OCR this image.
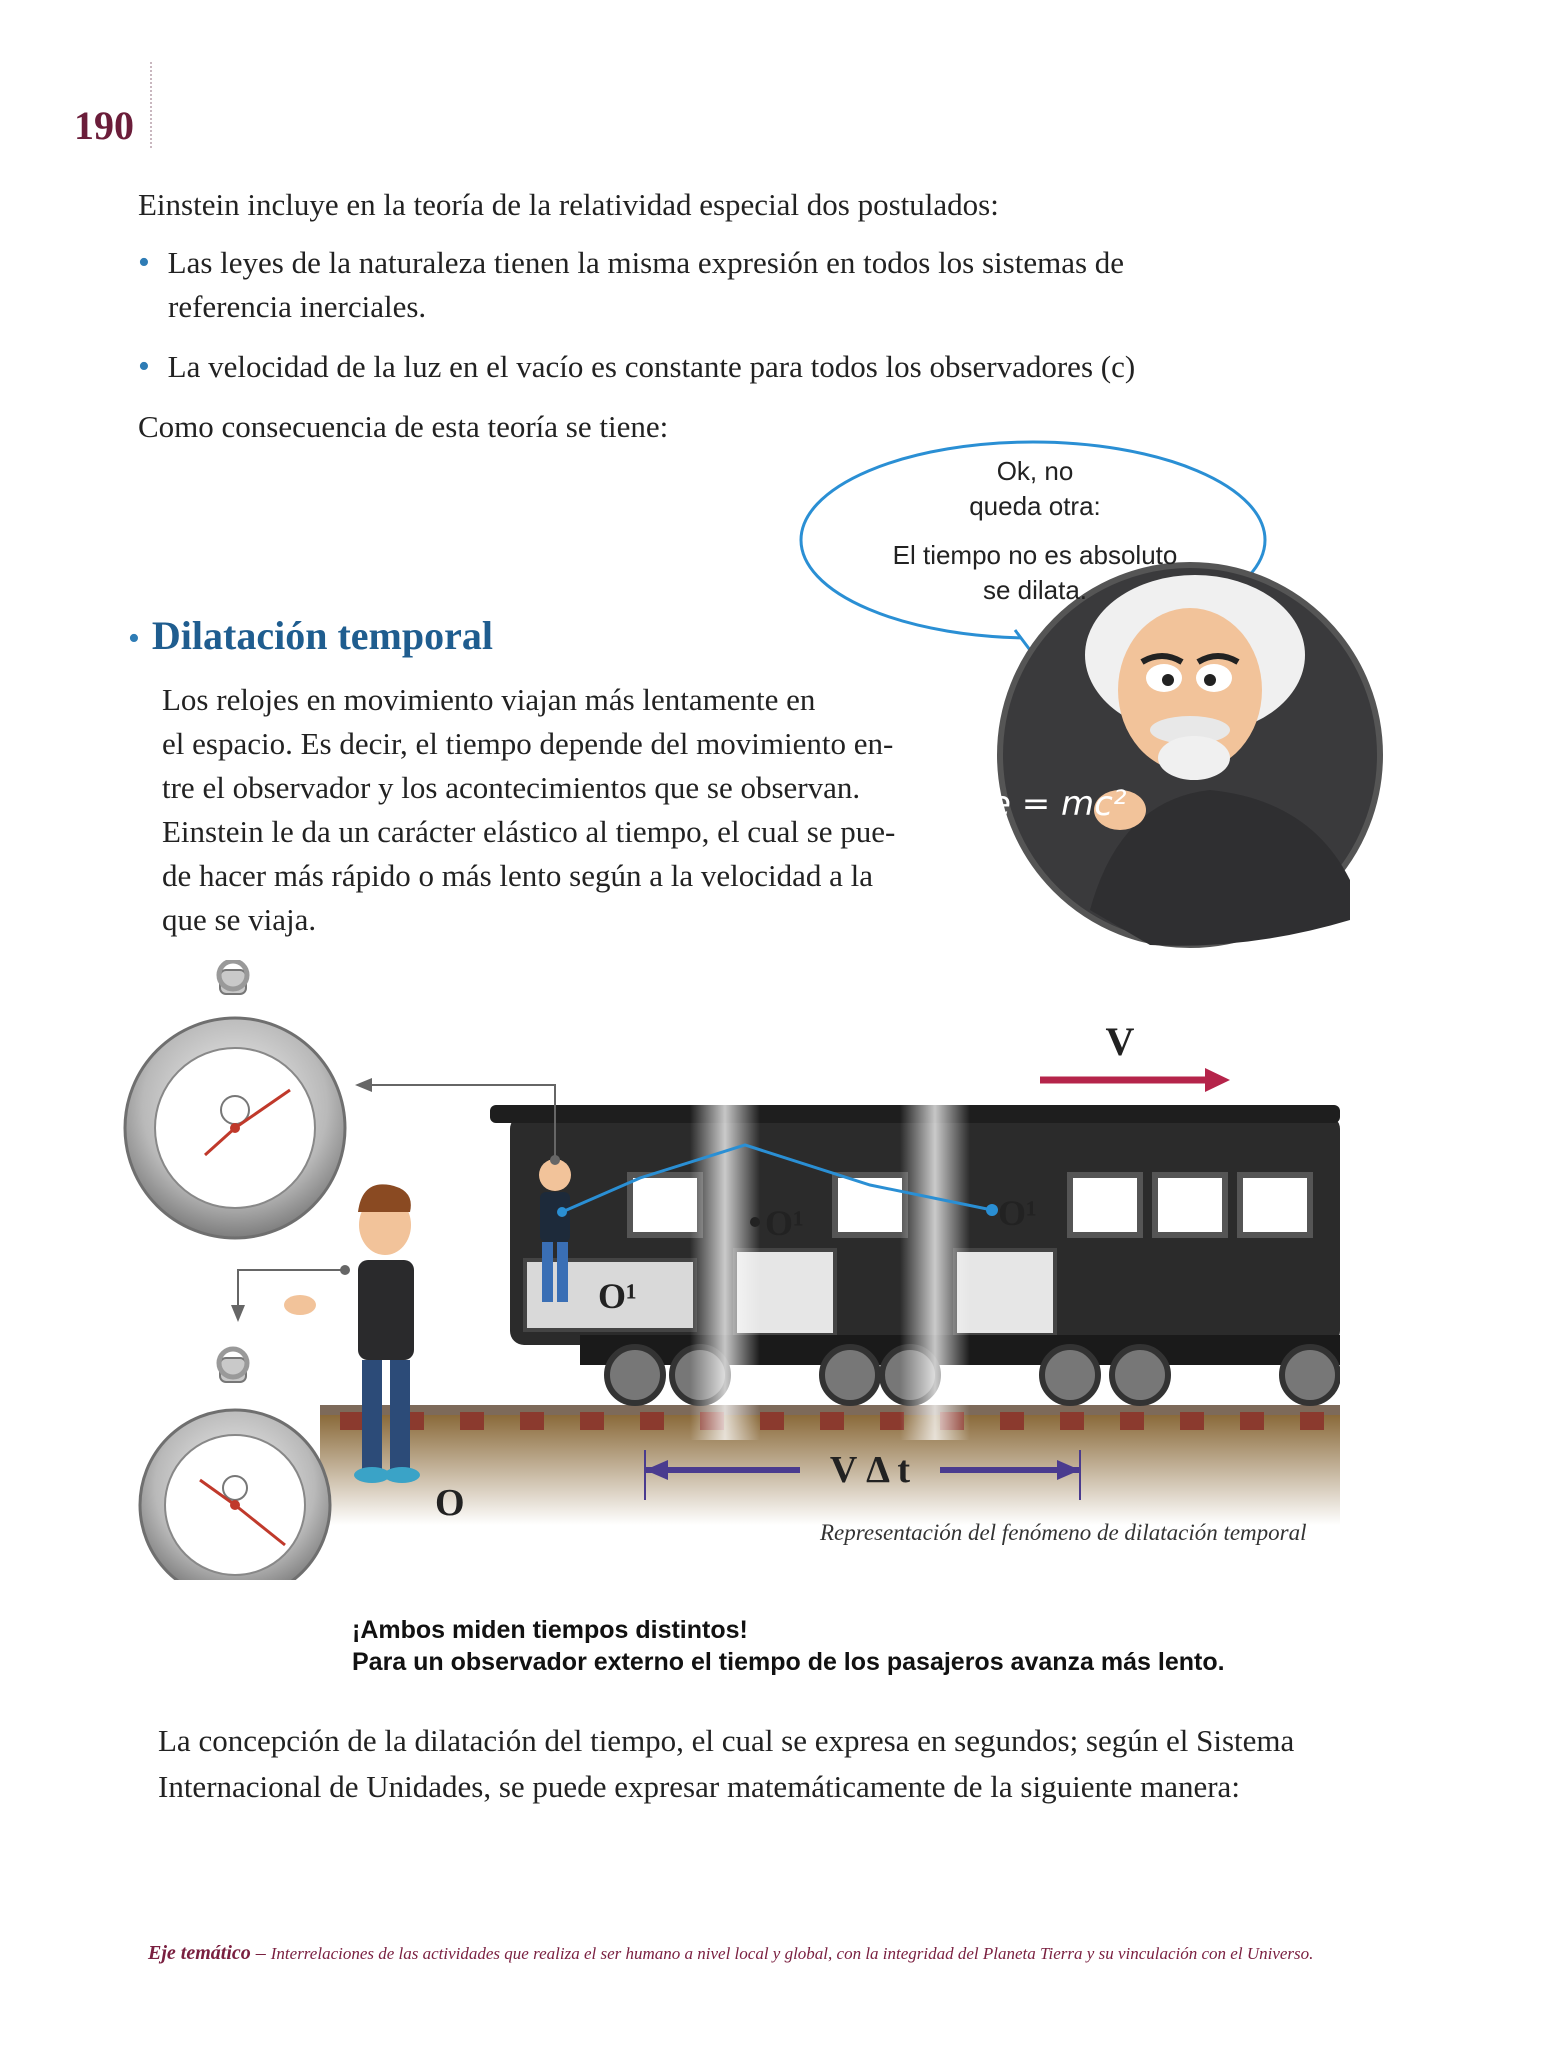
190
Einstein incluye en la teoría de la relatividad especial dos postulados:
• Las leyes de la naturaleza tienen la misma expresión en todos los sistemas de
referencia inerciales.
• La velocidad de la luz en el vacío es constante para todos los observadores (c)
Como consecuencia de esta teoría se tiene:
e = mc²
Ok, no
queda otra:
El tiempo no es absoluto
se dilata.
• Dilatación temporal
Los relojes en movimiento viajan más lentamente en
el espacio. Es decir, el tiempo depende del movimiento en-
tre el observador y los acontecimientos que se observan.
Einstein le da un carácter elástico al tiempo, el cual se pue-
de hacer más rápido o más lento según a la velocidad a la
que se viaja.
V
O¹
O¹	O¹
V Δ t
O
Representación del fenómeno de dilatación temporal
¡Ambos miden tiempos distintos!
Para un observador externo el tiempo de los pasajeros avanza más lento.
La concepción de la dilatación del tiempo, el cual se expresa en segundos; según el Sistema
Internacional de Unidades, se puede expresar matemáticamente de la siguiente manera:
Eje temático – Interrelaciones de las actividades que realiza el ser humano a nivel local y global, con la integridad del Planeta Tierra y su vinculación con el Universo.
